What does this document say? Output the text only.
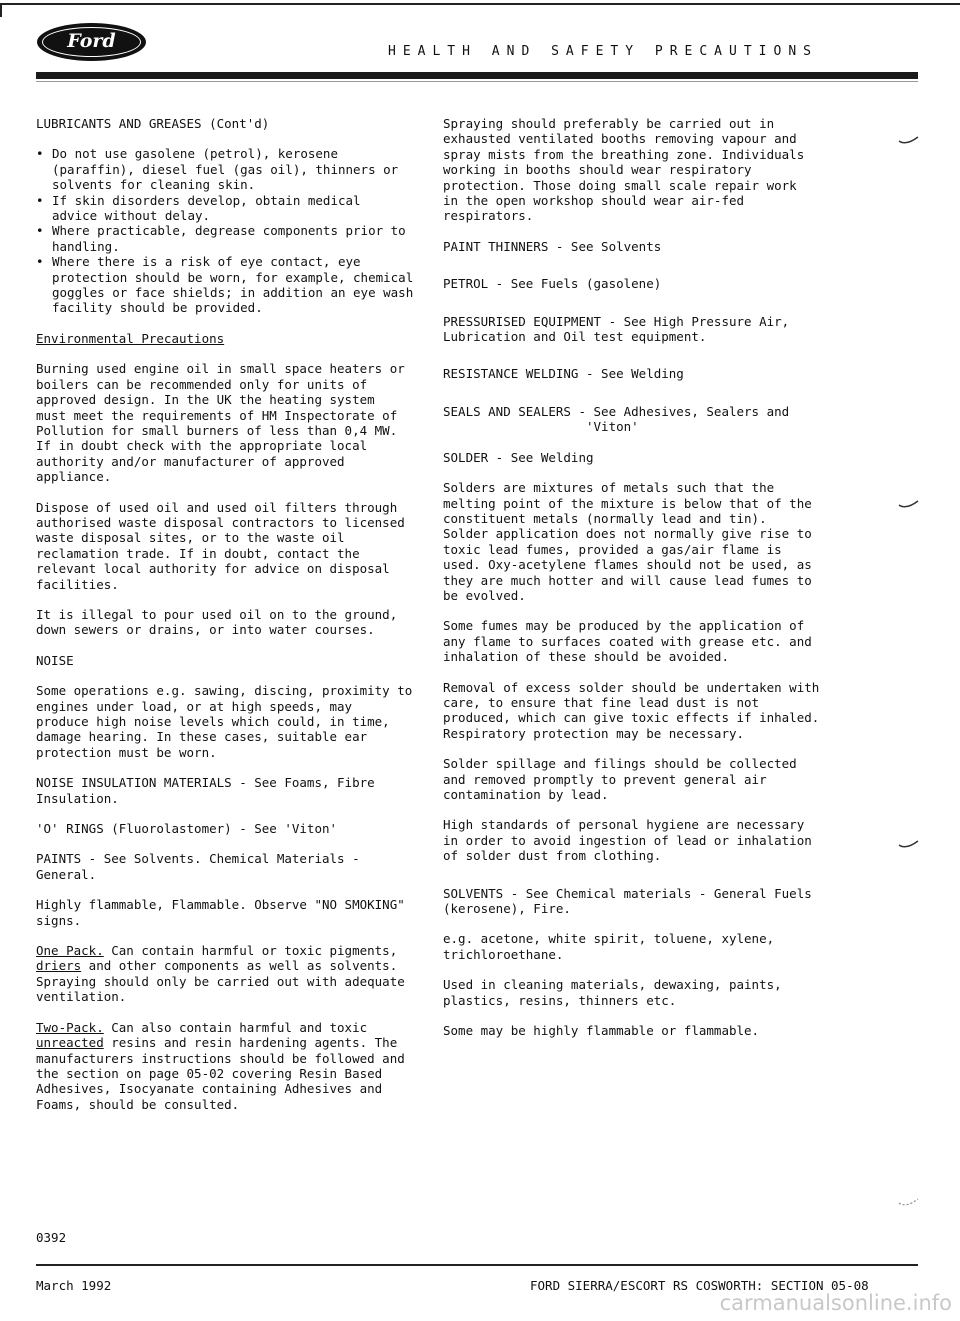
Ford	HEALTH AND SAFETY PRECAUTIONS

LUBRICANTS AND GREASES (Cont'd)

• Do not use gasolene (petrol), kerosene
(paraffin), diesel fuel (gas oil), thinners or
solvents for cleaning skin.
• If skin disorders develop, obtain medical
advice without delay.
• Where practicable, degrease components prior to
handling.
• Where there is a risk of eye contact, eye
protection should be worn, for example, chemical
goggles or face shields; in addition an eye wash
facility should be provided.

Environmental Precautions

Burning used engine oil in small space heaters or
boilers can be recommended only for units of
approved design. In the UK the heating system
must meet the requirements of HM Inspectorate of
Pollution for small burners of less than 0,4 MW.
If in doubt check with the appropriate local
authority and/or manufacturer of approved
appliance.

Dispose of used oil and used oil filters through
authorised waste disposal contractors to licensed
waste disposal sites, or to the waste oil
reclamation trade. If in doubt, contact the
relevant local authority for advice on disposal
facilities.

It is illegal to pour used oil on to the ground,
down sewers or drains, or into water courses.

NOISE

Some operations e.g. sawing, discing, proximity to
engines under load, or at high speeds, may
produce high noise levels which could, in time,
damage hearing. In these cases, suitable ear
protection must be worn.

NOISE INSULATION MATERIALS - See Foams, Fibre
Insulation.

'O' RINGS (Fluorolastomer) - See 'Viton'

PAINTS - See Solvents. Chemical Materials -
General.

Highly flammable, Flammable. Observe "NO SMOKING"
signs.

One Pack. Can contain harmful or toxic pigments,
driers and other components as well as solvents.
Spraying should only be carried out with adequate
ventilation.

Two-Pack. Can also contain harmful and toxic
unreacted resins and resin hardening agents. The
manufacturers instructions should be followed and
the section on page 05-02 covering Resin Based
Adhesives, Isocyanate containing Adhesives and
Foams, should be consulted.

Spraying should preferably be carried out in
exhausted ventilated booths removing vapour and
spray mists from the breathing zone. Individuals
working in booths should wear respiratory
protection. Those doing small scale repair work
in the open workshop should wear air-fed
respirators.

PAINT THINNERS - See Solvents

PETROL - See Fuels (gasolene)

PRESSURISED EQUIPMENT - See High Pressure Air,
Lubrication and Oil test equipment.

RESISTANCE WELDING - See Welding

SEALS AND SEALERS - See Adhesives, Sealers and
'Viton'

SOLDER - See Welding

Solders are mixtures of metals such that the
melting point of the mixture is below that of the
constituent metals (normally lead and tin).
Solder application does not normally give rise to
toxic lead fumes, provided a gas/air flame is
used. Oxy-acetylene flames should not be used, as
they are much hotter and will cause lead fumes to
be evolved.

Some fumes may be produced by the application of
any flame to surfaces coated with grease etc. and
inhalation of these should be avoided.

Removal of excess solder should be undertaken with
care, to ensure that fine lead dust is not
produced, which can give toxic effects if inhaled.
Respiratory protection may be necessary.

Solder spillage and filings should be collected
and removed promptly to prevent general air
contamination by lead.

High standards of personal hygiene are necessary
in order to avoid ingestion of lead or inhalation
of solder dust from clothing.

SOLVENTS - See Chemical materials - General Fuels
(kerosene), Fire.

e.g. acetone, white spirit, toluene, xylene,
trichloroethane.

Used in cleaning materials, dewaxing, paints,
plastics, resins, thinners etc.

Some may be highly flammable or flammable.

0392
March 1992	FORD SIERRA/ESCORT RS COSWORTH: SECTION 05-08
carmanualsonline.info
